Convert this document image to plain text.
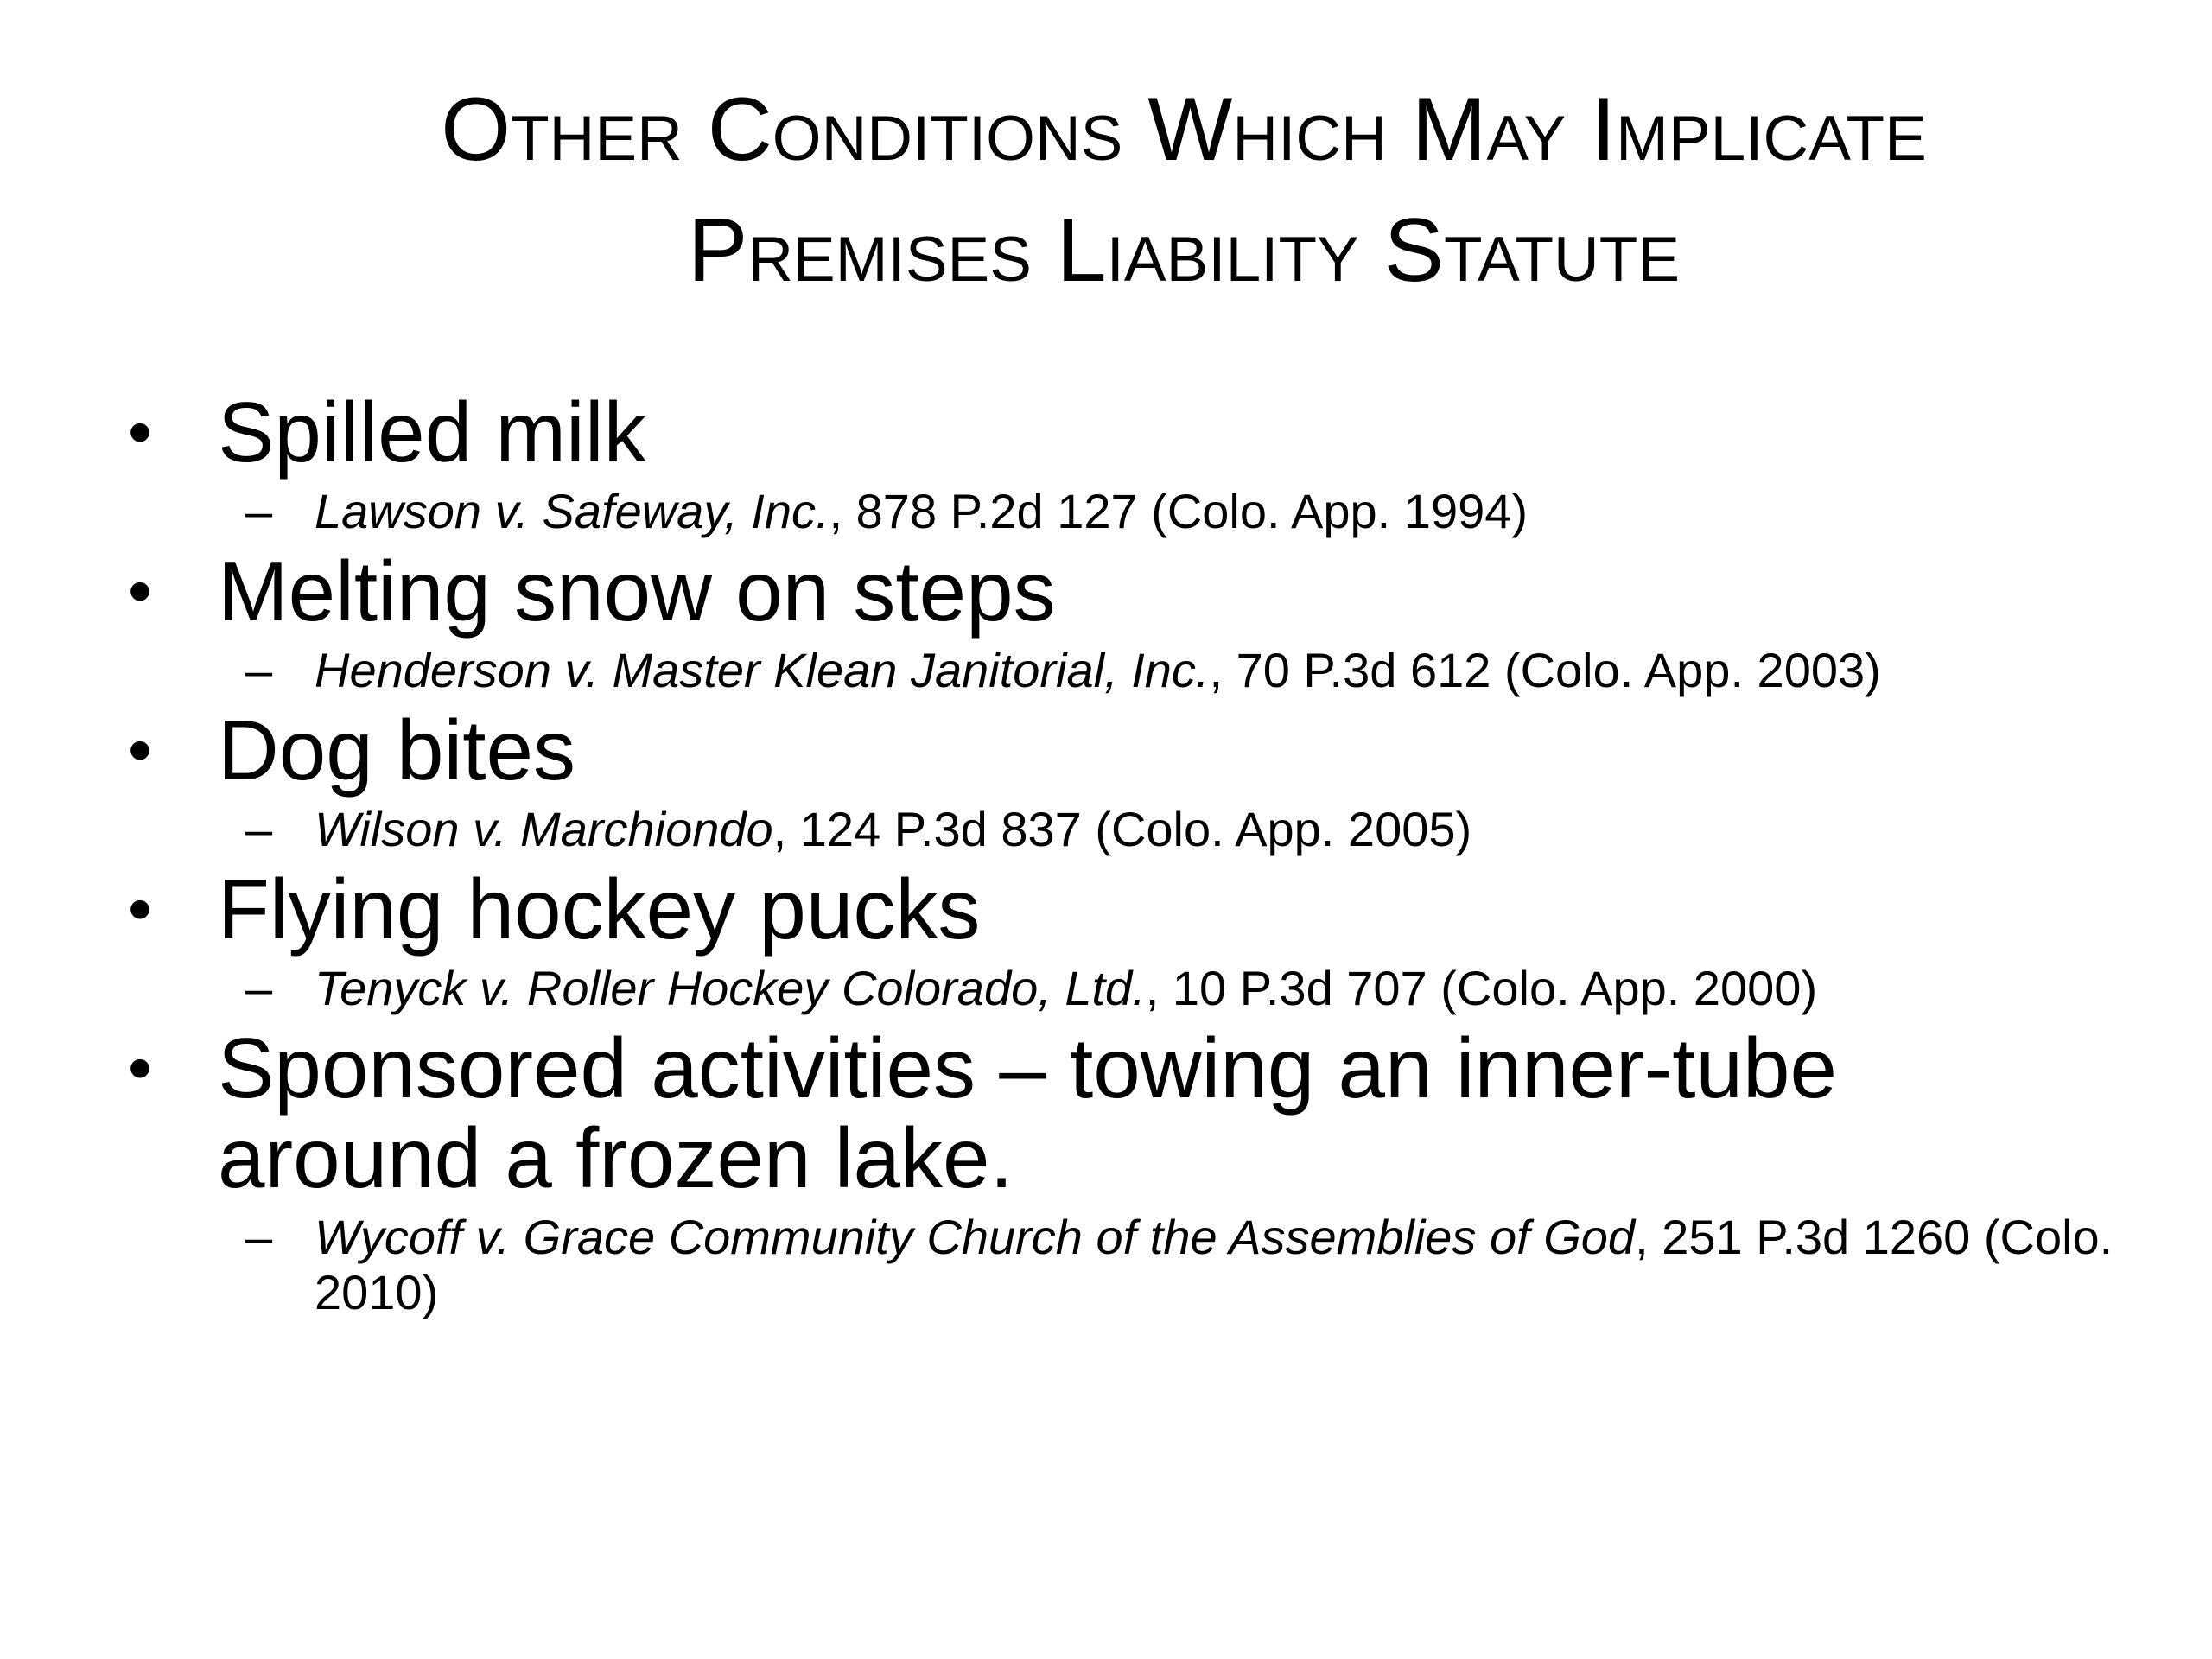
Other Conditions Which May Implicate
Premises Liability Statute
• Spilled milk
– Lawson v. Safeway, Inc., 878 P.2d 127 (Colo. App. 1994)
• Melting snow on steps
– Henderson v. Master Klean Janitorial, Inc., 70 P.3d 612 (Colo. App. 2003)
• Dog bites
– Wilson v. Marchiondo, 124 P.3d 837 (Colo. App. 2005)
• Flying hockey pucks
– Tenyck v. Roller Hockey Colorado, Ltd., 10 P.3d 707 (Colo. App. 2000)
• Sponsored activities – towing an inner-tube around a frozen lake.
– Wycoff v. Grace Community Church of the Assemblies of God, 251 P.3d 1260 (Colo. 2010)
